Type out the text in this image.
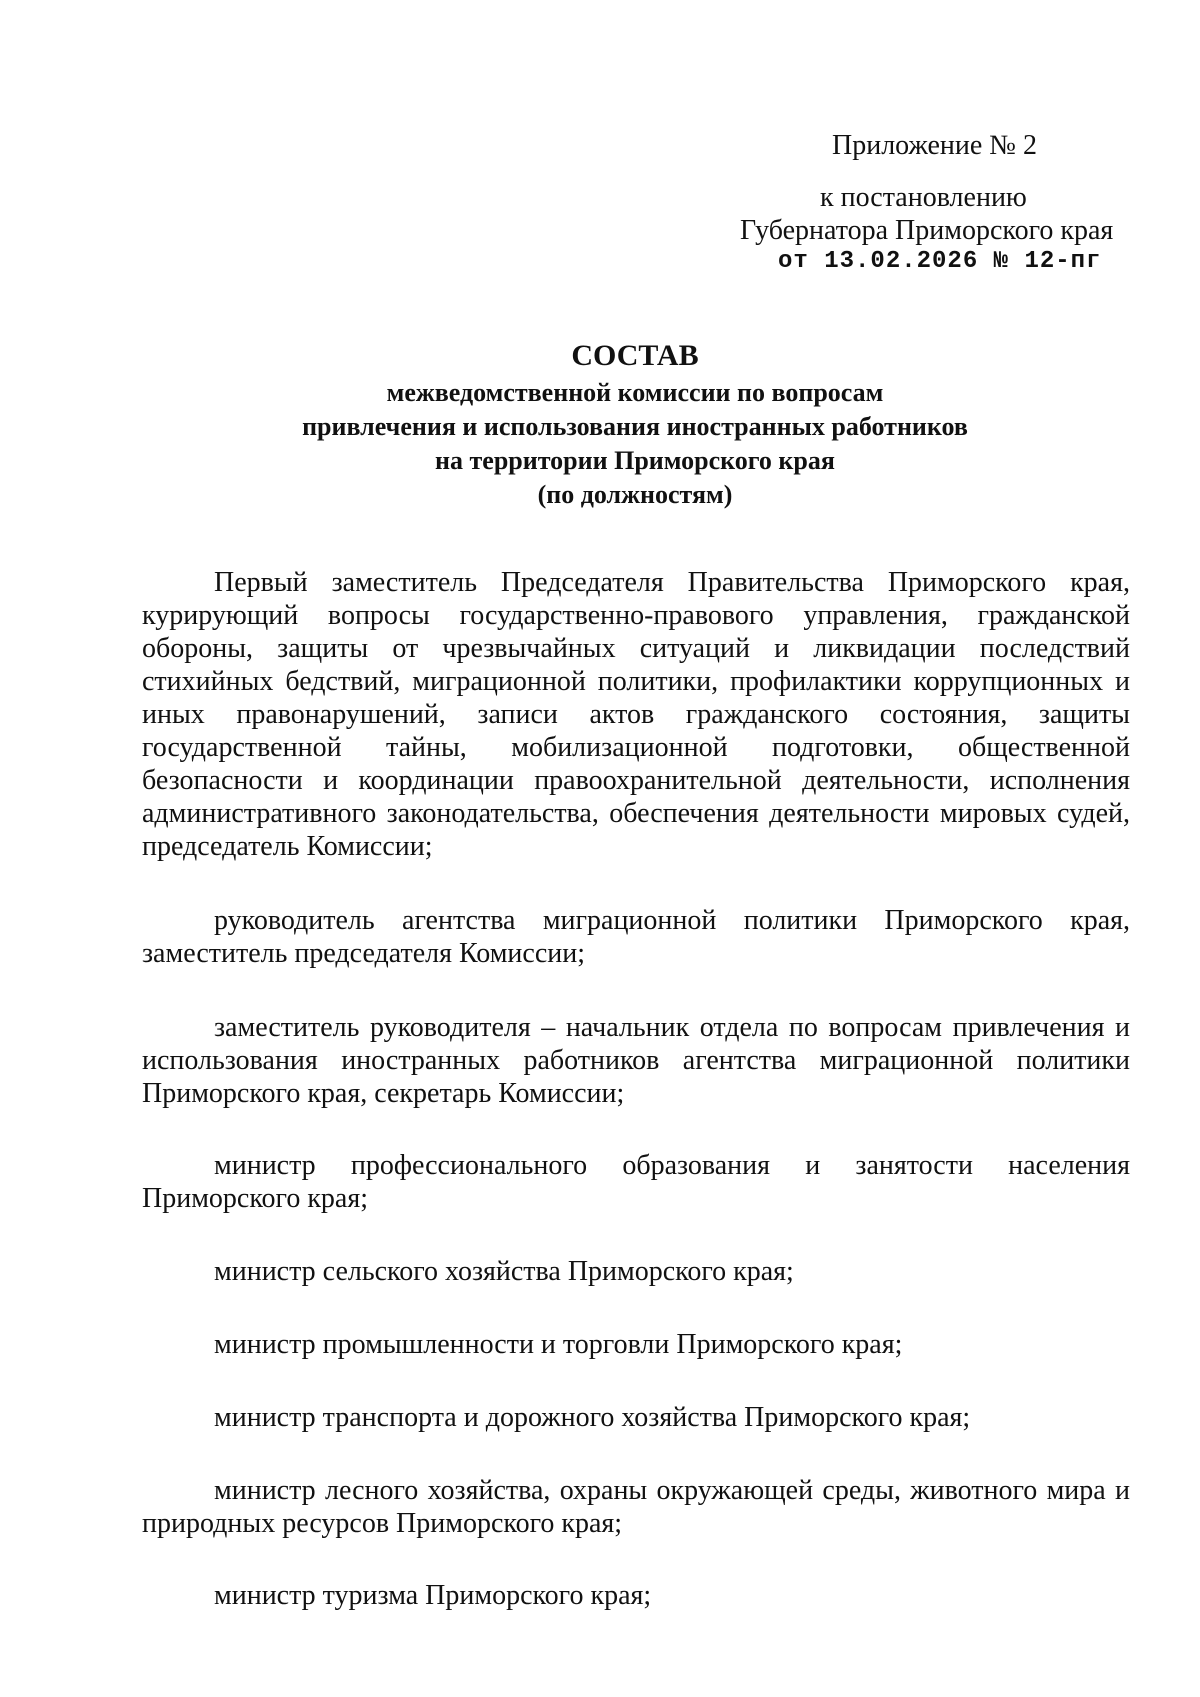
Приложение № 2
к постановлению
Губернатора Приморского края
от 13.02.2026 № 12-пг

СОСТАВ

межведомственной комиссии по вопросам

привлечения и использования иностранных работников

на территории Приморского края

(по должностям)

Первый заместитель Председателя Правительства Приморского края, курирующий вопросы государственно-правового управления, гражданской обороны, защиты от чрезвычайных ситуаций и ликвидации последствий стихийных бедствий, миграционной политики, профилактики коррупционных и иных правонарушений, записи актов гражданского состояния, защиты государственной тайны, мобилизационной подготовки, общественной безопасности и координации правоохранительной деятельности, исполнения административного законодательства, обеспечения деятельности мировых судей, председатель Комиссии;

руководитель агентства миграционной политики Приморского края, заместитель председателя Комиссии;

заместитель руководителя – начальник отдела по вопросам привлечения и использования иностранных работников агентства миграционной политики Приморского края, секретарь Комиссии;

министр профессионального образования и занятости населения Приморского края;

министр сельского хозяйства Приморского края;

министр промышленности и торговли Приморского края;

министр транспорта и дорожного хозяйства Приморского края;

министр лесного хозяйства, охраны окружающей среды, животного мира и природных ресурсов Приморского края;

министр туризма Приморского края;
